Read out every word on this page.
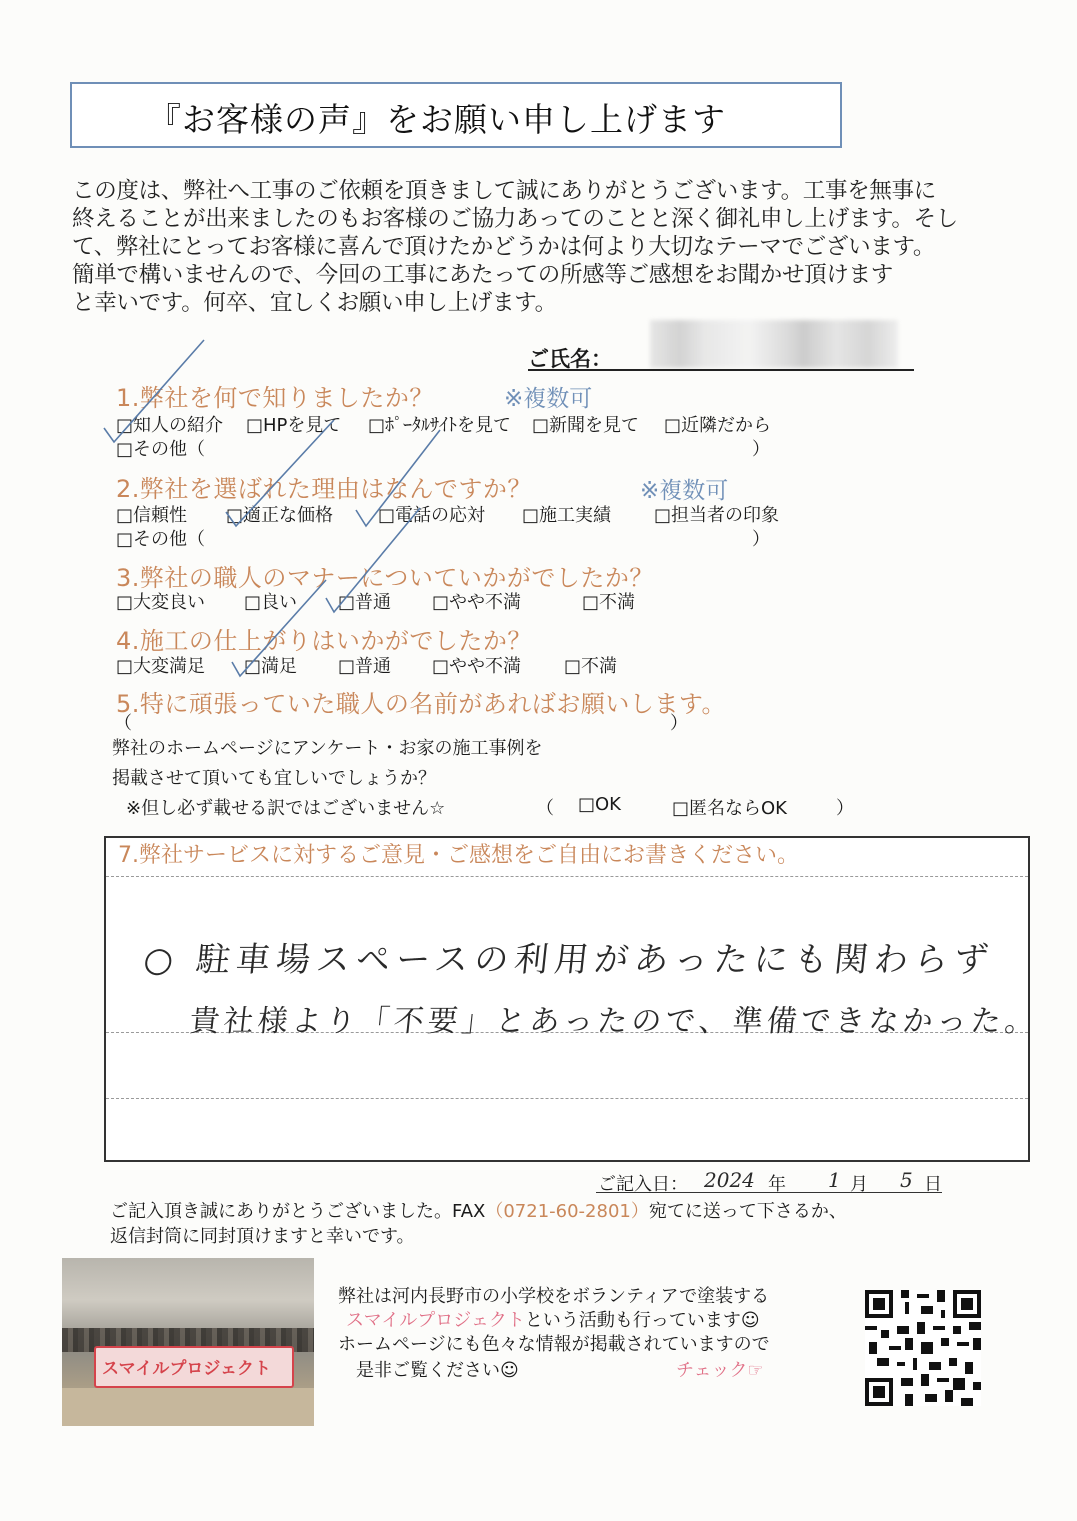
『お客様の声』をお願い申し上げます
この度は、弊社へ工事のご依頼を頂きまして誠にありがとうございます。工事を無事に
終えることが出来ましたのもお客様のご協力あってのことと深く御礼申し上げます。そし
て、弊社にとってお客様に喜んで頂けたかどうかは何より大切なテーマでございます。
簡単で構いませんので、今回の工事にあたっての所感等ご感想をお聞かせ頂けます
と幸いです。何卒、宜しくお願い申し上げます。
ご氏名：
1.弊社を何で知りましたか？	※複数可
□知人の紹介 □HPを見て □ﾎﾟｰﾀﾙｻｲﾄを見て □新聞を見て □近隣だから
□その他（	）
2.弊社を選ばれた理由はなんですか？	※複数可
□信頼性 □適正な価格 □電話の応対 □施工実績 □担当者の印象
□その他（	）
3.弊社の職人のマナーについていかがでしたか？
□大変良い □良い □普通 □やや不満	□不満
4.施工の仕上がりはいかがでしたか？
□大変満足 □満足 □普通 □やや不満 □不満
5.特に頑張っていた職人の名前があればお願いします。
（	）
弊社のホームページにアンケート・お家の施工事例を
掲載させて頂いても宜しいでしょうか？
※但し必ず載せる訳ではございません☆	（ □OK	□匿名ならOK	）
7.弊社サービスに対するご意見・ご感想をご自由にお書きください。
○ 駐車場スペースの利用があったにも関わらず
貴社様より「不要」とあったので、準備できなかった。
ご記入日： 2024 年 1 月 5 日
ご記入頂き誠にありがとうございました。FAX（0721-60-2801）宛てに送って下さるか、
返信封筒に同封頂けますと幸いです。
スマイルプロジェクト
弊社は河内長野市の小学校をボランティアで塗装する
スマイルプロジェクトという活動も行っています☺
ホームページにも色々な情報が掲載されていますので
是非ご覧ください☺	チェック☞
